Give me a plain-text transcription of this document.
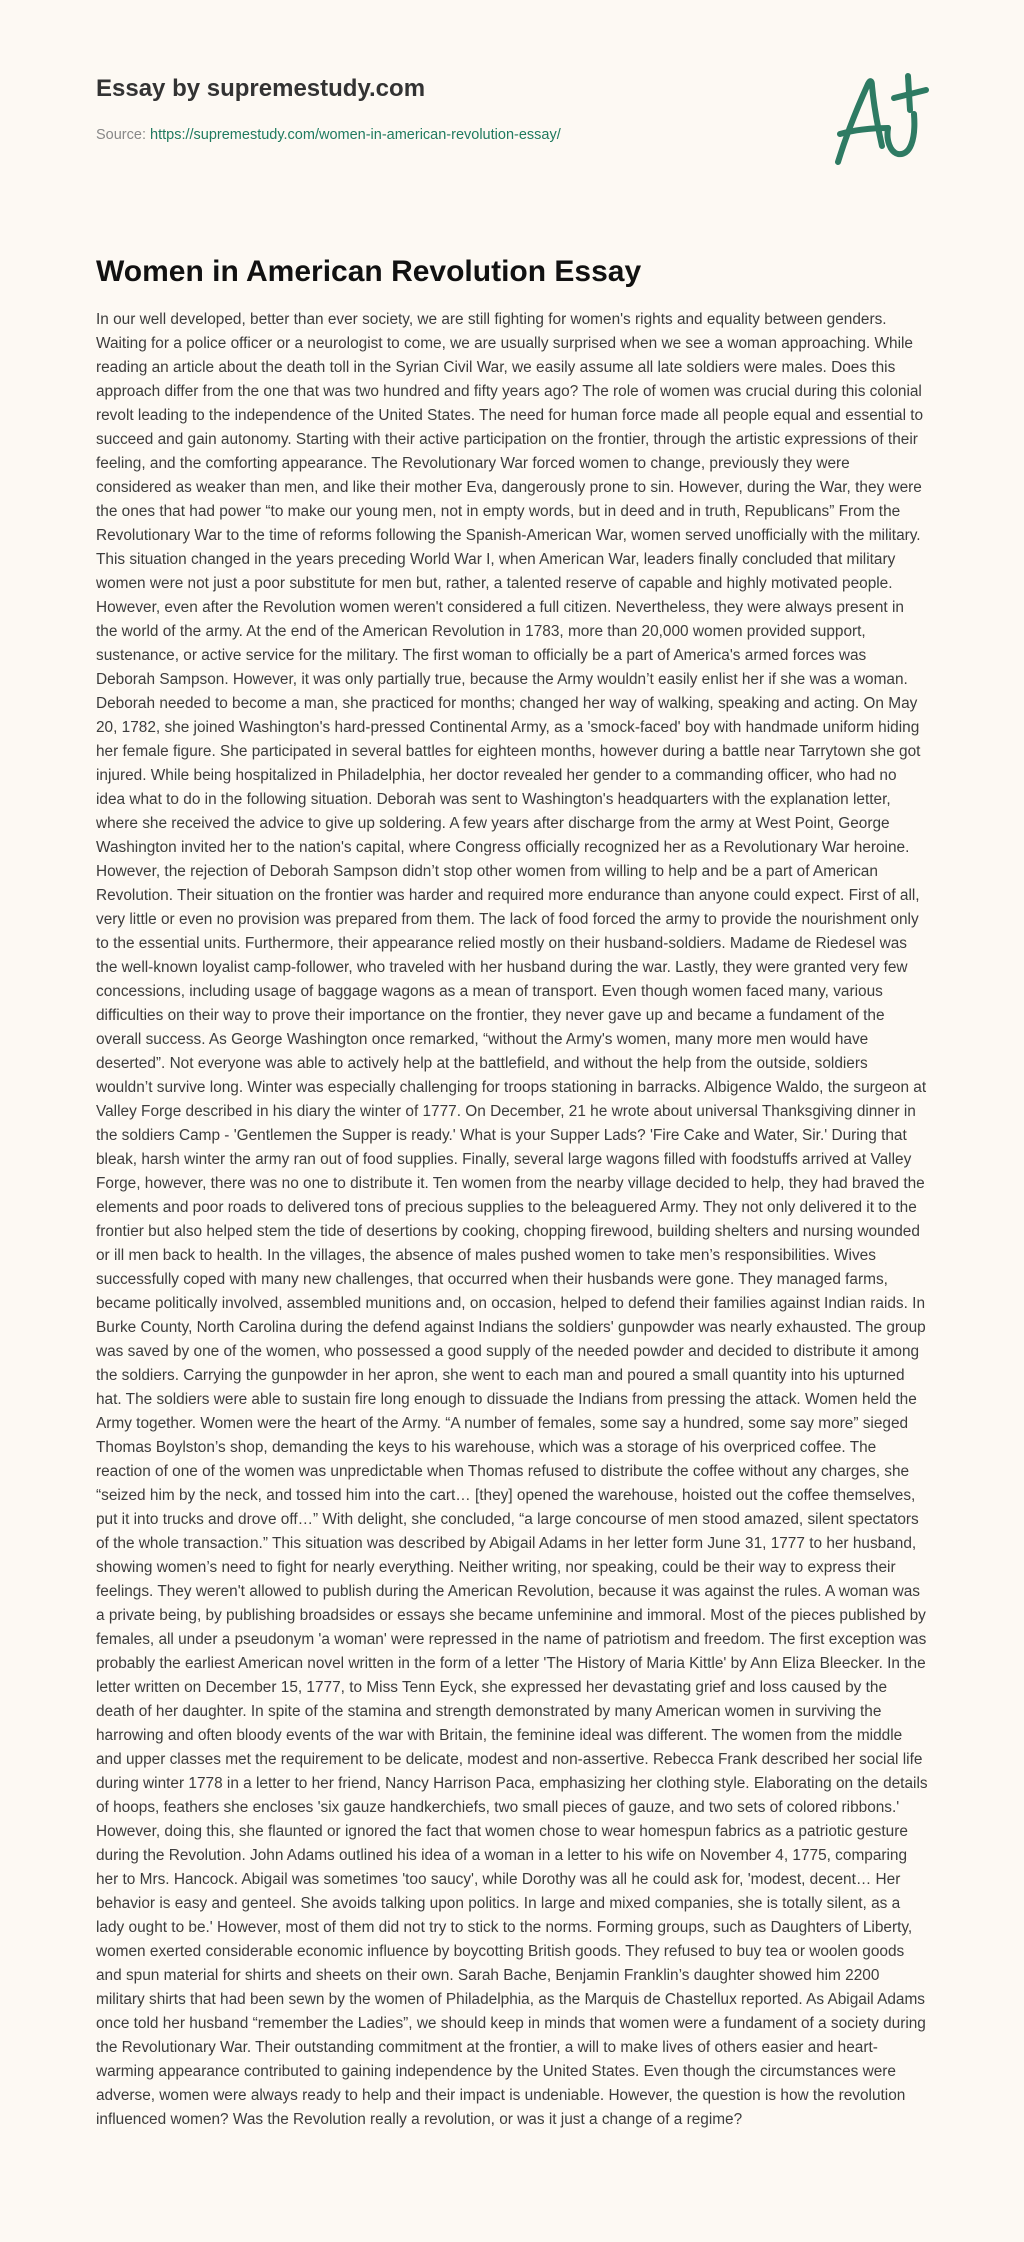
Essay by supremestudy.com
Source: https://supremestudy.com/women-in-american-revolution-essay/
Women in American Revolution Essay

In our well developed, better than ever society, we are still fighting for women's rights and equality between genders. Waiting for a police officer or a neurologist to come, we are usually surprised when we see a woman approaching. While reading an article about the death toll in the Syrian Civil War, we easily assume all late soldiers were males. Does this approach differ from the one that was two hundred and fifty years ago? The role of women was crucial during this colonial revolt leading to the independence of the United States. The need for human force made all people equal and essential to succeed and gain autonomy. Starting with their active participation on the frontier, through the artistic expressions of their feeling, and the comforting appearance. The Revolutionary War forced women to change, previously they were considered as weaker than men, and like their mother Eva, dangerously prone to sin. However, during the War, they were the ones that had power “to make our young men, not in empty words, but in deed and in truth, Republicans” From the Revolutionary War to the time of reforms following the Spanish-American War, women served unofficially with the military. This situation changed in the years preceding World War I, when American War, leaders finally concluded that military women were not just a poor substitute for men but, rather, a talented reserve of capable and highly motivated people. However, even after the Revolution women weren't considered a full citizen. Nevertheless, they were always present in the world of the army. At the end of the American Revolution in 1783, more than 20,000 women provided support, sustenance, or active service for the military. The first woman to officially be a part of America's armed forces was Deborah Sampson. However, it was only partially true, because the Army wouldn’t easily enlist her if she was a woman. Deborah needed to become a man, she practiced for months; changed her way of walking, speaking and acting. On May 20, 1782, she joined Washington's hard-pressed Continental Army, as a 'smock-faced' boy with handmade uniform hiding her female figure. She participated in several battles for eighteen months, however during a battle near Tarrytown she got injured. While being hospitalized in Philadelphia, her doctor revealed her gender to a commanding officer, who had no idea what to do in the following situation. Deborah was sent to Washington's headquarters with the explanation letter, where she received the advice to give up soldering. A few years after discharge from the army at West Point, George Washington invited her to the nation's capital, where Congress officially recognized her as a Revolutionary War heroine. However, the rejection of Deborah Sampson didn’t stop other women from willing to help and be a part of American Revolution. Their situation on the frontier was harder and required more endurance than anyone could expect. First of all, very little or even no provision was prepared from them. The lack of food forced the army to provide the nourishment only to the essential units. Furthermore, their appearance relied mostly on their husband-soldiers. Madame de Riedesel was the well-known loyalist camp-follower, who traveled with her husband during the war. Lastly, they were granted very few concessions, including usage of baggage wagons as a mean of transport. Even though women faced many, various difficulties on their way to prove their importance on the frontier, they never gave up and became a fundament of the overall success. As George Washington once remarked, “without the Army's women, many more men would have deserted”. Not everyone was able to actively help at the battlefield, and without the help from the outside, soldiers wouldn’t survive long. Winter was especially challenging for troops stationing in barracks. Albigence Waldo, the surgeon at Valley Forge described in his diary the winter of 1777. On December, 21 he wrote about universal Thanksgiving dinner in the soldiers Camp - 'Gentlemen the Supper is ready.' What is your Supper Lads? 'Fire Cake and Water, Sir.' During that bleak, harsh winter the army ran out of food supplies. Finally, several large wagons filled with foodstuffs arrived at Valley Forge, however, there was no one to distribute it. Ten women from the nearby village decided to help, they had braved the elements and poor roads to delivered tons of precious supplies to the beleaguered Army. They not only delivered it to the frontier but also helped stem the tide of desertions by cooking, chopping firewood, building shelters and nursing wounded or ill men back to health. In the villages, the absence of males pushed women to take men’s responsibilities. Wives successfully coped with many new challenges, that occurred when their husbands were gone. They managed farms, became politically involved, assembled munitions and, on occasion, helped to defend their families against Indian raids. In Burke County, North Carolina during the defend against Indians the soldiers' gunpowder was nearly exhausted. The group was saved by one of the women, who possessed a good supply of the needed powder and decided to distribute it among the soldiers. Carrying the gunpowder in her apron, she went to each man and poured a small quantity into his upturned hat. The soldiers were able to sustain fire long enough to dissuade the Indians from pressing the attack. Women held the Army together. Women were the heart of the Army. “A number of females, some say a hundred, some say more” sieged Thomas Boylston’s shop, demanding the keys to his warehouse, which was a storage of his overpriced coffee. The reaction of one of the women was unpredictable when Thomas refused to distribute the coffee without any charges, she “seized him by the neck, and tossed him into the cart… [they] opened the warehouse, hoisted out the coffee themselves, put it into trucks and drove off…” With delight, she concluded, “a large concourse of men stood amazed, silent spectators of the whole transaction.” This situation was described by Abigail Adams in her letter form June 31, 1777 to her husband, showing women’s need to fight for nearly everything. Neither writing, nor speaking, could be their way to express their feelings. They weren't allowed to publish during the American Revolution, because it was against the rules. A woman was a private being, by publishing broadsides or essays she became unfeminine and immoral. Most of the pieces published by females, all under a pseudonym 'a woman' were repressed in the name of patriotism and freedom. The first exception was probably the earliest American novel written in the form of a letter 'The History of Maria Kittle' by Ann Eliza Bleecker. In the letter written on December 15, 1777, to Miss Tenn Eyck, she expressed her devastating grief and loss caused by the death of her daughter. In spite of the stamina and strength demonstrated by many American women in surviving the harrowing and often bloody events of the war with Britain, the feminine ideal was different. The women from the middle and upper classes met the requirement to be delicate, modest and non-assertive. Rebecca Frank described her social life during winter 1778 in a letter to her friend, Nancy Harrison Paca, emphasizing her clothing style. Elaborating on the details of hoops, feathers she encloses 'six gauze handkerchiefs, two small pieces of gauze, and two sets of colored ribbons.' However, doing this, she flaunted or ignored the fact that women chose to wear homespun fabrics as a patriotic gesture during the Revolution. John Adams outlined his idea of a woman in a letter to his wife on November 4, 1775, comparing her to Mrs. Hancock. Abigail was sometimes 'too saucy', while Dorothy was all he could ask for, 'modest, decent… Her behavior is easy and genteel. She avoids talking upon politics. In large and mixed companies, she is totally silent, as a lady ought to be.' However, most of them did not try to stick to the norms. Forming groups, such as Daughters of Liberty, women exerted considerable economic influence by boycotting British goods. They refused to buy tea or woolen goods and spun material for shirts and sheets on their own. Sarah Bache, Benjamin Franklin’s daughter showed him 2200 military shirts that had been sewn by the women of Philadelphia, as the Marquis de Chastellux reported. As Abigail Adams once told her husband “remember the Ladies”, we should keep in minds that women were a fundament of a society during the Revolutionary War. Their outstanding commitment at the frontier, a will to make lives of others easier and heart-warming appearance contributed to gaining independence by the United States. Even though the circumstances were adverse, women were always ready to help and their impact is undeniable. However, the question is how the revolution influenced women? Was the Revolution really a revolution, or was it just a change of a regime?
